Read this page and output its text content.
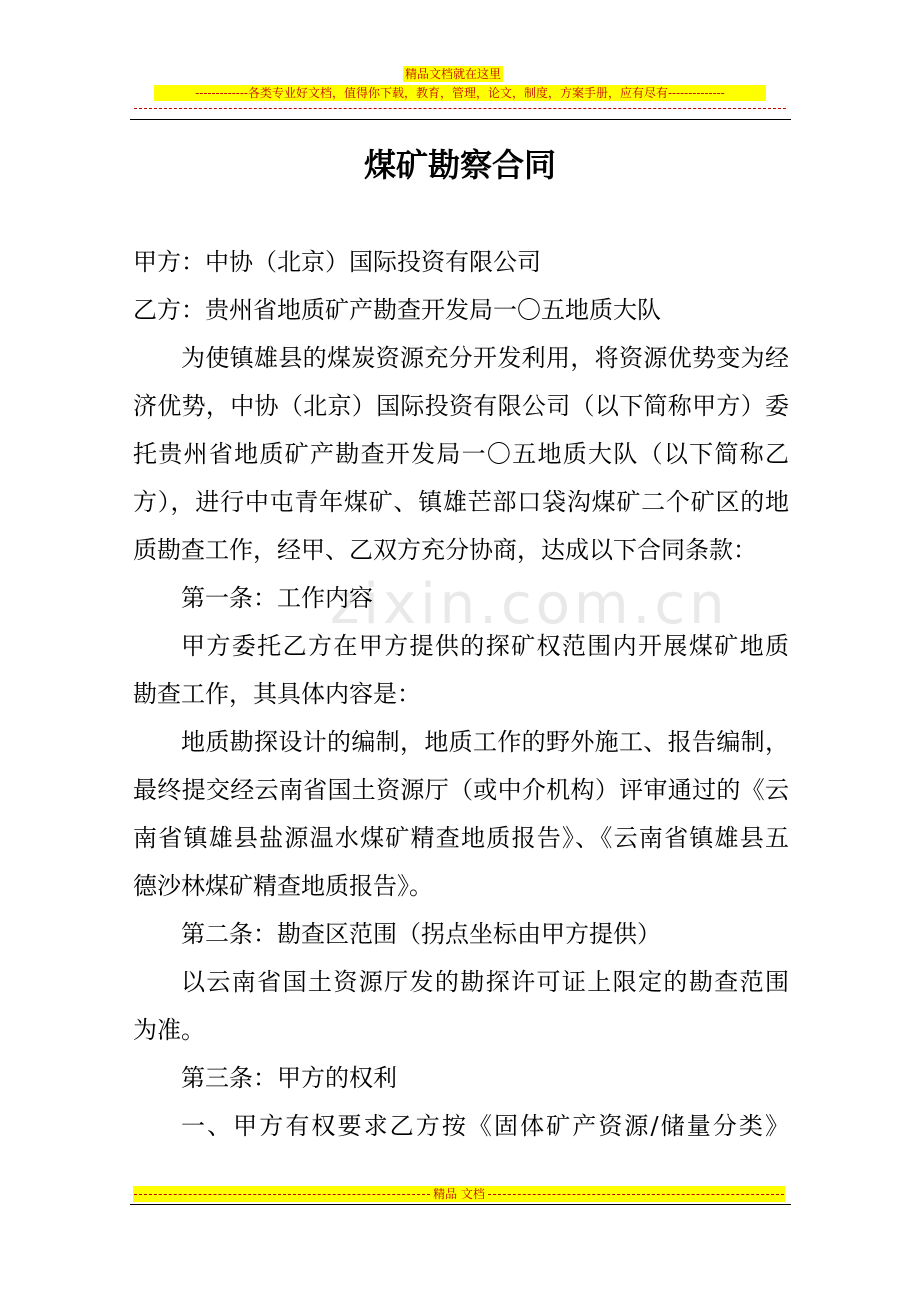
精品文档就在这里
-------------各类专业好文档，值得你下载，教育，管理，论文，制度，方案手册，应有尽有--------------
zixin.com.cn
煤矿勘察合同
甲方：中协（北京）国际投资有限公司
乙方：贵州省地质矿产勘查开发局一〇五地质大队
为使镇雄县的煤炭资源充分开发利用，将资源优势变为经
济优势，中协（北京）国际投资有限公司（以下简称甲方）委
托贵州省地质矿产勘查开发局一〇五地质大队（以下简称乙
方），进行中屯青年煤矿、镇雄芒部口袋沟煤矿二个矿区的地
质勘查工作，经甲、乙双方充分协商，达成以下合同条款：
第一条：工作内容
甲方委托乙方在甲方提供的探矿权范围内开展煤矿地质
勘查工作，其具体内容是：
地质勘探设计的编制，地质工作的野外施工、报告编制，
最终提交经云南省国土资源厅（或中介机构）评审通过的《云
南省镇雄县盐源温水煤矿精查地质报告》、《云南省镇雄县五
德沙林煤矿精查地质报告》。
第二条：勘查区范围（拐点坐标由甲方提供）
以云南省国土资源厅发的勘探许可证上限定的勘查范围
为准。
第三条：甲方的权利
一、甲方有权要求乙方按《固体矿产资源/储量分类》
精品 文档
